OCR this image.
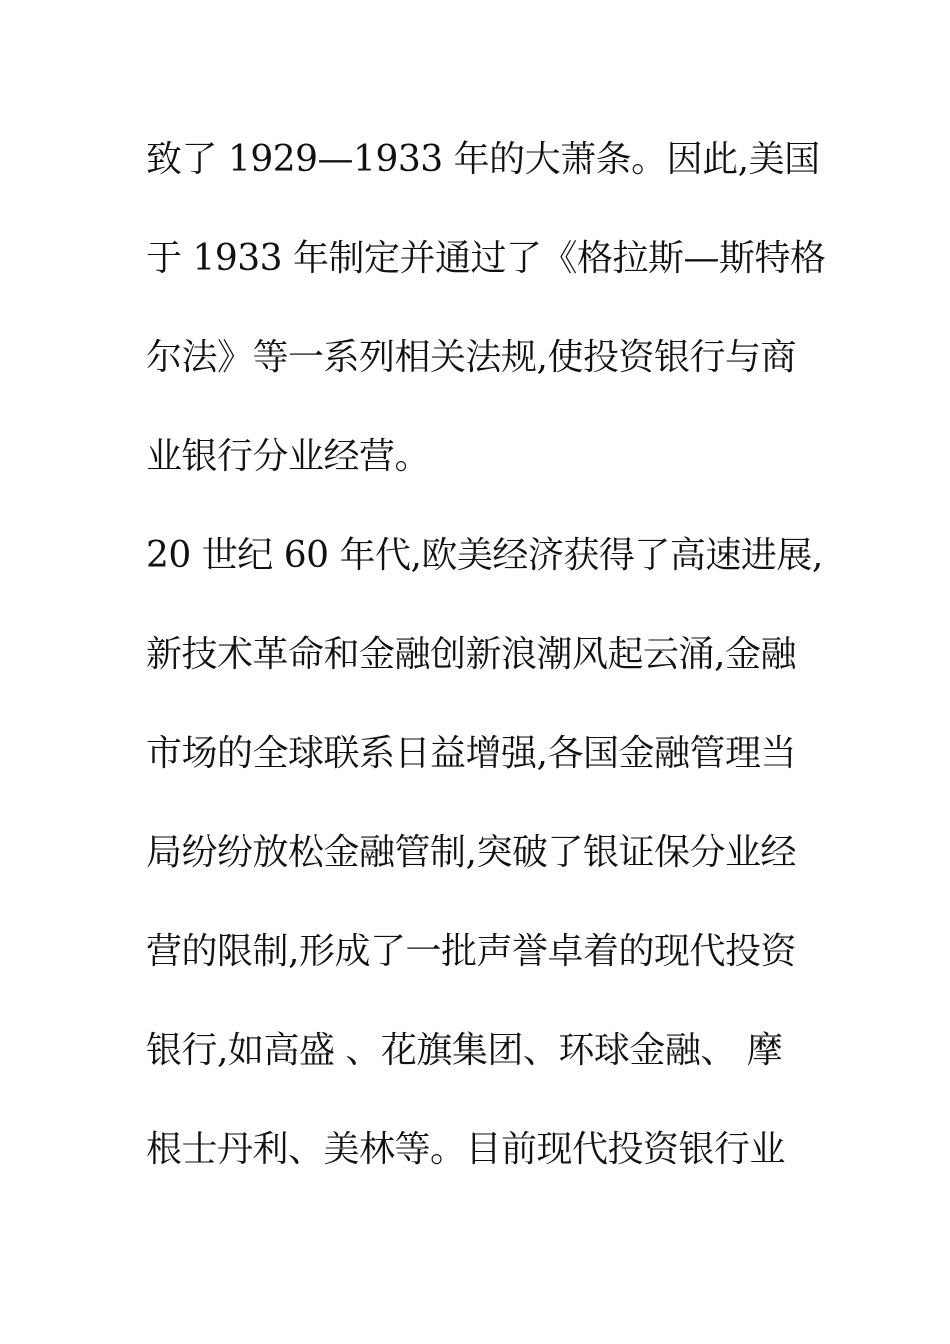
致了 1929—1933 年的大萧条。因此,美国
于 1933 年制定并通过了《格拉斯—斯特格
尔法》等一系列相关法规,使投资银行与商
业银行分业经营。
20 世纪 60 年代,欧美经济获得了高速进展,
新技术革命和金融创新浪潮风起云涌,金融
市场的全球联系日益增强,各国金融管理当
局纷纷放松金融管制,突破了银证保分业经
营的限制,形成了一批声誉卓着的现代投资
银行,如高盛 、花旗集团、环球金融、 摩
根士丹利、美林等。目前现代投资银行业
